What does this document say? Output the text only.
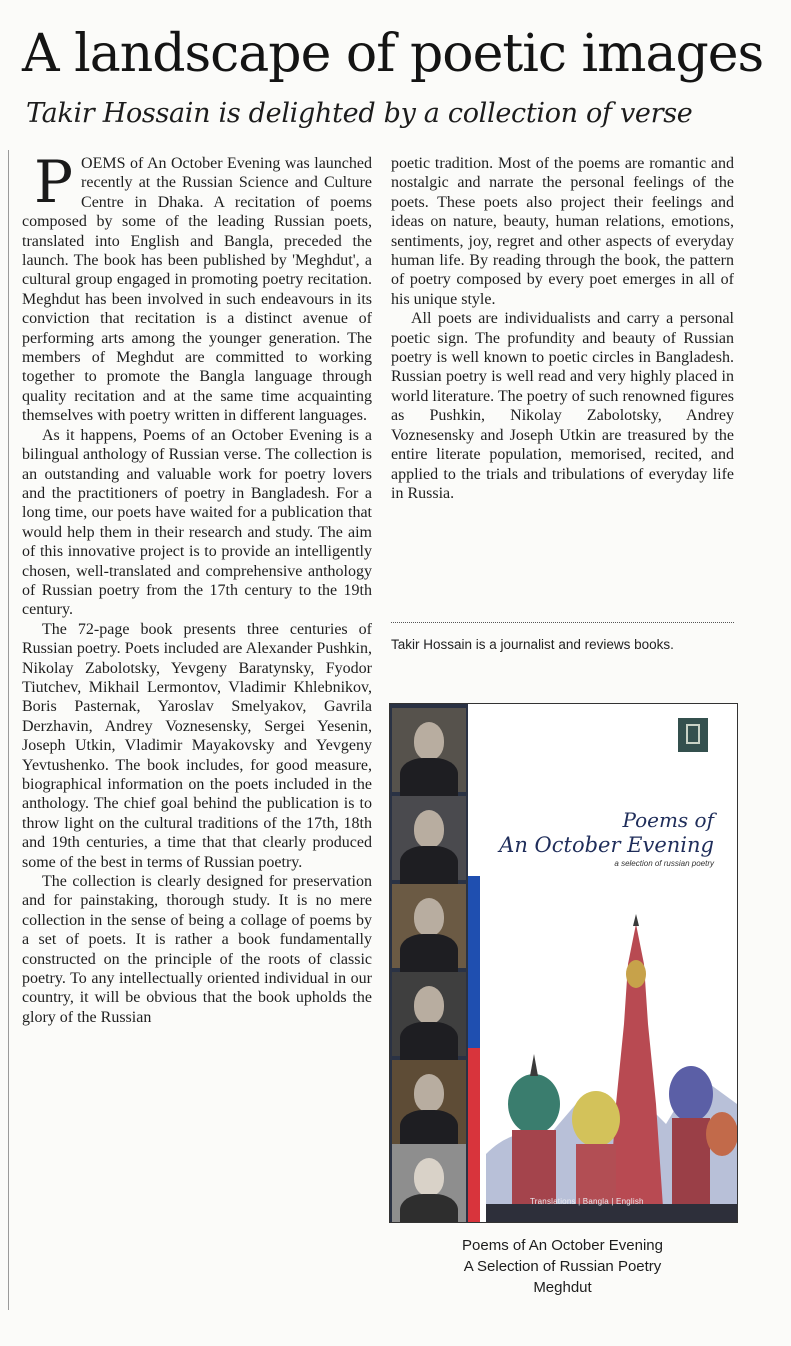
A landscape of poetic images
Takir Hossain is delighted by a collection of verse

POEMS of An October Evening was launched recently at the Russian Science and Culture Centre in Dhaka. A recitation of poems composed by some of the leading Russian poets, translated into English and Bangla, preceded the launch. The book has been published by 'Meghdut', a cultural group engaged in promoting poetry recitation. Meghdut has been involved in such endeavours in its conviction that recitation is a distinct avenue of performing arts among the younger generation. The members of Meghdut are committed to working together to promote the Bangla language through quality recitation and at the same time acquainting themselves with poetry written in different languages.

As it happens, Poems of an October Evening is a bilingual anthology of Russian verse. The collection is an outstanding and valuable work for poetry lovers and the practitioners of poetry in Bangladesh. For a long time, our poets have waited for a publication that would help them in their research and study. The aim of this innovative project is to provide an intelligently chosen, well-translated and comprehensive anthology of Russian poetry from the 17th century to the 19th century.

The 72-page book presents three centuries of Russian poetry. Poets included are Alexander Pushkin, Nikolay Zabolotsky, Yevgeny Baratynsky, Fyodor Tiutchev, Mikhail Lermontov, Vladimir Khlebnikov, Boris Pasternak, Yaroslav Smelyakov, Gavrila Derzhavin, Andrey Voznesensky, Sergei Yesenin, Joseph Utkin, Vladimir Mayakovsky and Yevgeny Yevtushenko. The book includes, for good measure, biographical information on the poets included in the anthology. The chief goal behind the publication is to throw light on the cultural traditions of the 17th, 18th and 19th centuries, a time that that clearly produced some of the best in terms of Russian poetry.

The collection is clearly designed for preservation and for painstaking, thorough study. It is no mere collection in the sense of being a collage of poems by a set of poets. It is rather a book fundamentally constructed on the principle of the roots of classic poetry. To any intellectually oriented individual in our country, it will be obvious that the book upholds the glory of the Russian

poetic tradition. Most of the poems are romantic and nostalgic and narrate the personal feelings of the poets. These poets also project their feelings and ideas on nature, beauty, human relations, emotions, sentiments, joy, regret and other aspects of everyday human life. By reading through the book, the pattern of poetry composed by every poet emerges in all of his unique style.

All poets are individualists and carry a personal poetic sign. The profundity and beauty of Russian poetry is well known to poetic circles in Bangladesh. Russian poetry is well read and very highly placed in world literature. The poetry of such renowned figures as Pushkin, Nikolay Zabolotsky, Andrey Voznesensky and Joseph Utkin are treasured by the entire literate population, memorised, recited, and applied to the trials and tribulations of everyday life in Russia.

Takir Hossain is a journalist and reviews books.
Poems of
An October Evening
a selection of russian poetry
Translations | Bangla | English
Poems of An October Evening
A Selection of Russian Poetry
Meghdut
